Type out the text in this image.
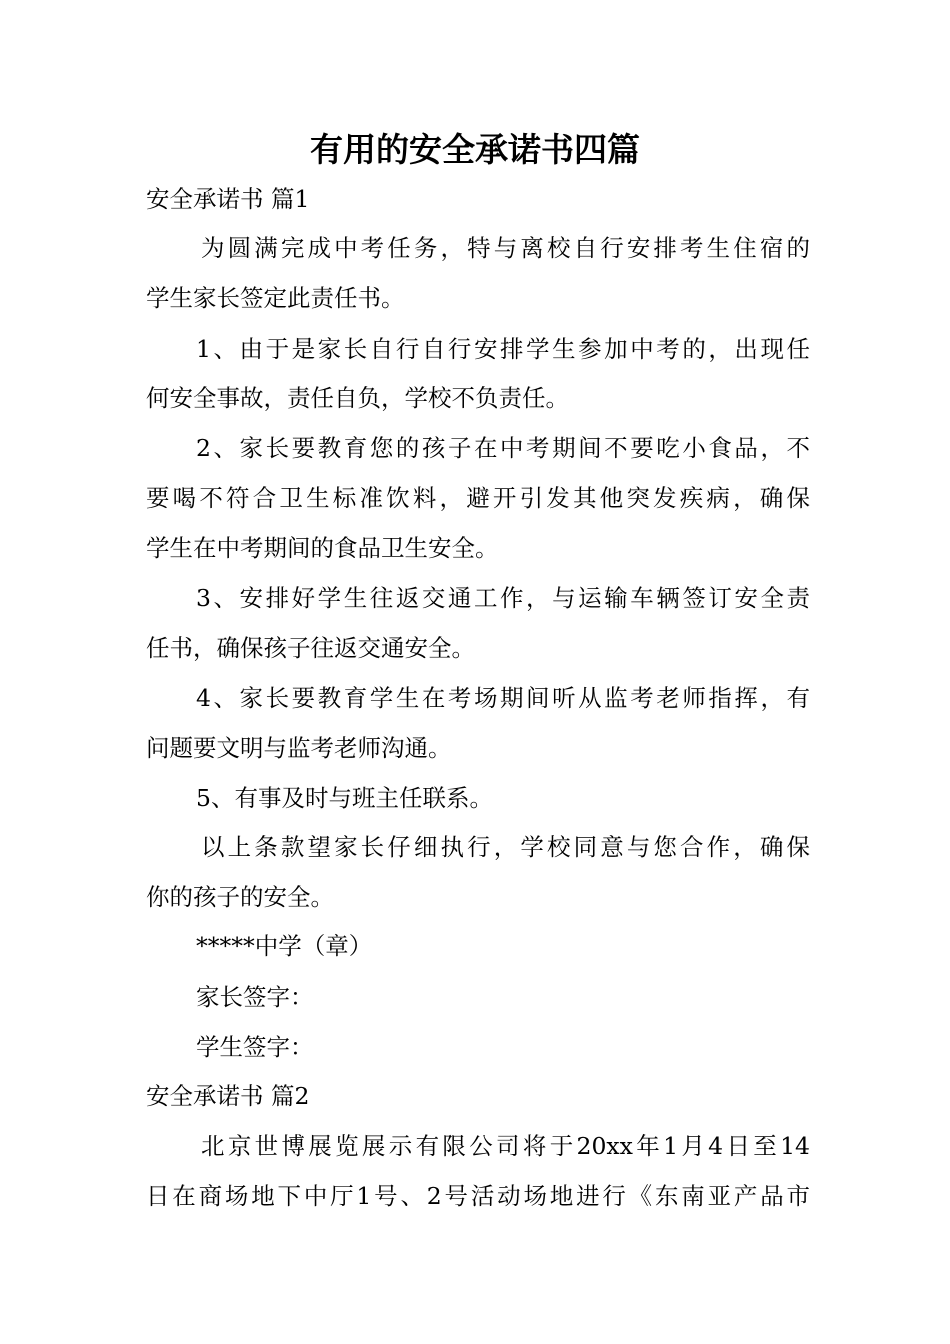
有用的安全承诺书四篇
安全承诺书 篇1
为圆满完成中考任务，特与离校自行安排考生住宿的
学生家长签定此责任书。
1、由于是家长自行自行安排学生参加中考的，出现任
何安全事故，责任自负，学校不负责任。
2、家长要教育您的孩子在中考期间不要吃小食品，不
要喝不符合卫生标准饮料，避开引发其他突发疾病，确保
学生在中考期间的食品卫生安全。
3、安排好学生往返交通工作，与运输车辆签订安全责
任书，确保孩子往返交通安全。
4、家长要教育学生在考场期间听从监考老师指挥，有
问题要文明与监考老师沟通。
5、有事及时与班主任联系。
以上条款望家长仔细执行，学校同意与您合作，确保
你的孩子的安全。
*****中学（章）
家长签字：
学生签字：
安全承诺书 篇2
北京世博展览展示有限公司将于20xx年1月4日至14
日在商场地下中厅1号、2号活动场地进行《东南亚产品市
